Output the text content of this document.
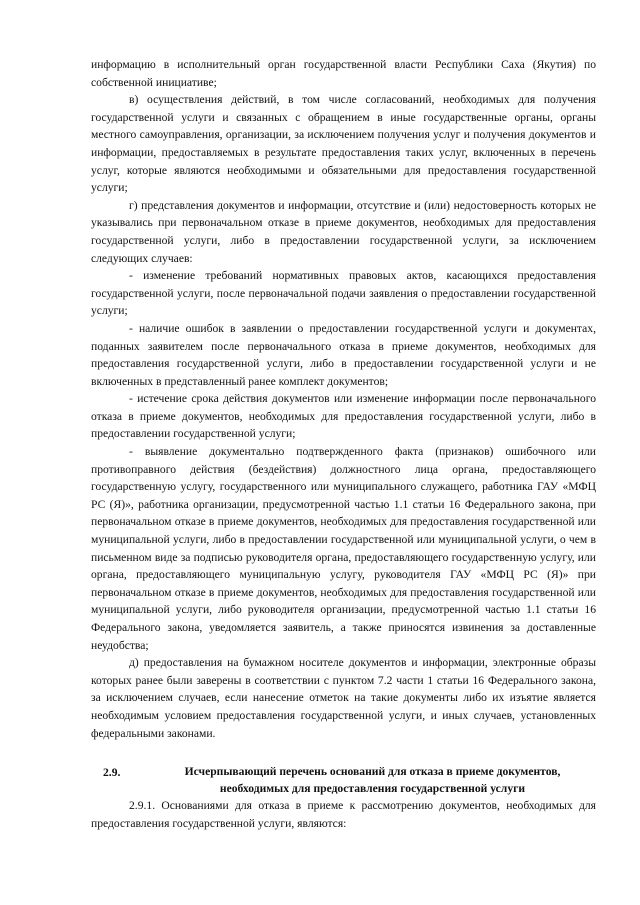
информацию в исполнительный орган государственной власти Республики Саха (Якутия) по собственной инициативе;

в) осуществления действий, в том числе согласований, необходимых для получения государственной услуги и связанных с обращением в иные государственные органы, органы местного самоуправления, организации, за исключением получения услуг и получения документов и информации, предоставляемых в результате предоставления таких услуг, включенных в перечень услуг, которые являются необходимыми и обязательными для предоставления государственной услуги;

г) представления документов и информации, отсутствие и (или) недостоверность которых не указывались при первоначальном отказе в приеме документов, необходимых для предоставления государственной услуги, либо в предоставлении государственной услуги, за исключением следующих случаев:

- изменение требований нормативных правовых актов, касающихся предоставления государственной услуги, после первоначальной подачи заявления о предоставлении государственной услуги;

- наличие ошибок в заявлении о предоставлении государственной услуги и документах, поданных заявителем после первоначального отказа в приеме документов, необходимых для предоставления государственной услуги, либо в предоставлении государственной услуги и не включенных в представленный ранее комплект документов;

- истечение срока действия документов или изменение информации после первоначального отказа в приеме документов, необходимых для предоставления государственной услуги, либо в предоставлении государственной услуги;

- выявление документально подтвержденного факта (признаков) ошибочного или противоправного действия (бездействия) должностного лица органа, предоставляющего государственную услугу, государственного или муниципального служащего, работника ГАУ «МФЦ РС (Я)», работника организации, предусмотренной частью 1.1 статьи 16 Федерального закона, при первоначальном отказе в приеме документов, необходимых для предоставления государственной или муниципальной услуги, либо в предоставлении государственной или муниципальной услуги, о чем в письменном виде за подписью руководителя органа, предоставляющего государственную услугу, или органа, предоставляющего муниципальную услугу, руководителя ГАУ «МФЦ РС (Я)» при первоначальном отказе в приеме документов, необходимых для предоставления государственной или муниципальной услуги, либо руководителя организации, предусмотренной частью 1.1 статьи 16 Федерального закона, уведомляется заявитель, а также приносятся извинения за доставленные неудобства;

д) предоставления на бумажном носителе документов и информации, электронные образы которых ранее были заверены в соответствии с пунктом 7.2 части 1 статьи 16 Федерального закона, за исключением случаев, если нанесение отметок на такие документы либо их изъятие является необходимым условием предоставления государственной услуги, и иных случаев, установленных федеральными законами.

2.9.	Исчерпывающий перечень оснований для отказа в приеме документов, необходимых для предоставления государственной услуги

2.9.1. Основаниями для отказа в приеме к рассмотрению документов, необходимых для предоставления государственной услуги, являются:
